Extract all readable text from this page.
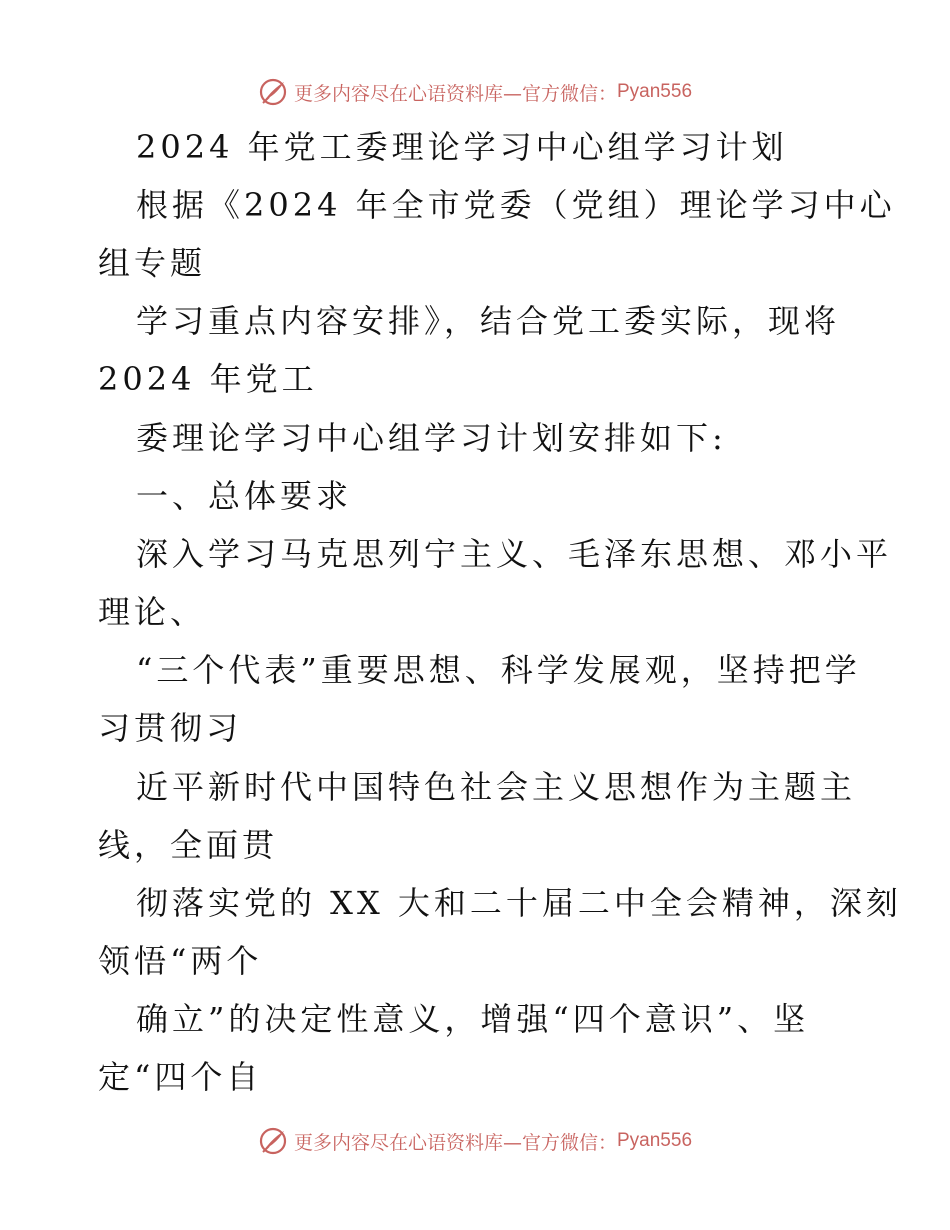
更多内容尽在心语资料库 —官方微信： Pyan556
2024 年党工委理论学习中心组学习计划
根据《2024 年全市党委（党组）理论学习中心
组专题
学习重点内容安排》，结合党工委实际，现将
2024 年党工
委理论学习中心组学习计划安排如下:
一、总体要求
深入学习马克思列宁主义、毛泽东思想、邓小平
理论、
“三个代表”重要思想、科学发展观，坚持把学
习贯彻习
近平新时代中国特色社会主义思想作为主题主
线，全面贯
彻落实党的 XX 大和二十届二中全会精神，深刻
领悟“两个
确立”的决定性意义，增强“四个意识”、坚
定“四个自
更多内容尽在心语资料库 —官方微信： Pyan556
